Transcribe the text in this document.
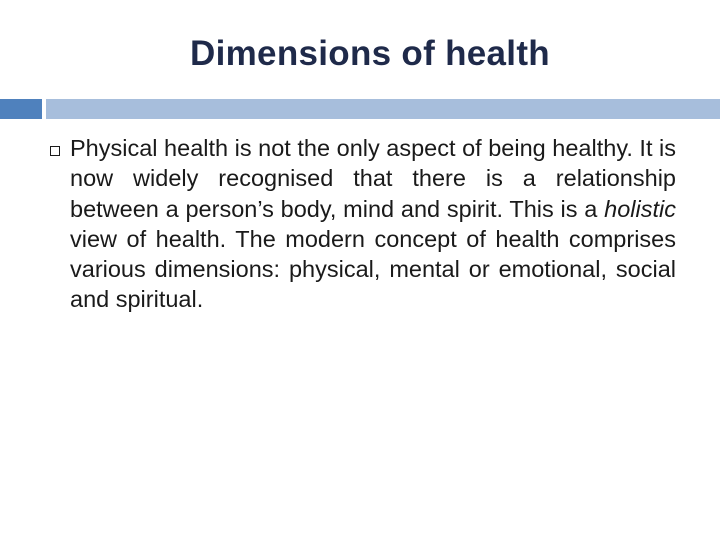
Dimensions of health

Physical health is not the only aspect of being healthy. It is now widely recognised that there is a relationship between a person’s body, mind and spirit. This is a holistic view of health. The modern concept of health comprises various dimensions: physical, mental or emotional, social and spiritual.
